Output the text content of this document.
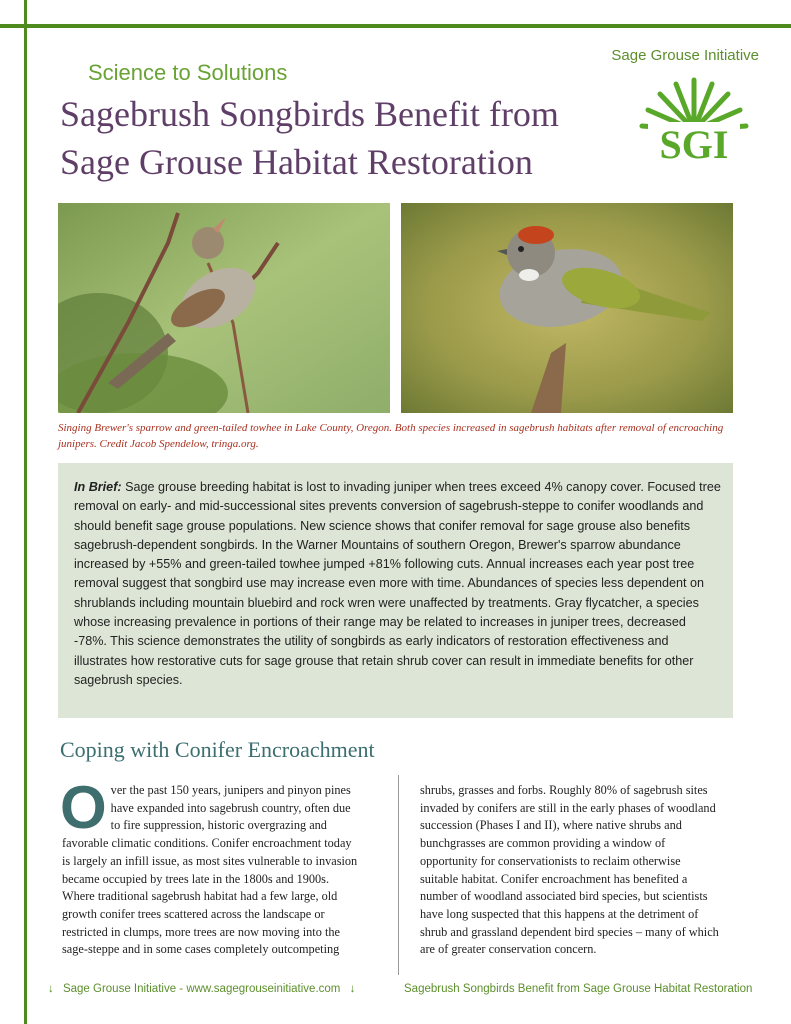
Sage Grouse Initiative
Science to Solutions
Sagebrush Songbirds Benefit from Sage Grouse Habitat Restoration	SGI
Singing Brewer's sparrow and green-tailed towhee in Lake County, Oregon. Both species increased in sagebrush habitats after removal of encroaching junipers. Credit Jacob Spendelow, tringa.org.

In Brief: Sage grouse breeding habitat is lost to invading juniper when trees exceed 4% canopy cover. Focused tree removal on early- and mid-successional sites prevents conversion of sagebrush-steppe to conifer woodlands and should benefit sage grouse populations. New science shows that conifer removal for sage grouse also benefits sagebrush-dependent songbirds. In the Warner Mountains of southern Oregon, Brewer's sparrow abundance increased by +55% and green-tailed towhee jumped +81% following cuts. Annual increases each year post tree removal suggest that songbird use may increase even more with time. Abundances of species less dependent on shrublands including mountain bluebird and rock wren were unaffected by treatments. Gray flycatcher, a species whose increasing prevalence in portions of their range may be related to increases in juniper trees, decreased -78%. This science demonstrates the utility of songbirds as early indicators of restoration effectiveness and illustrates how restorative cuts for sage grouse that retain shrub cover can result in immediate benefits for other sagebrush species.

Coping with Conifer Encroachment

Over the past 150 years, junipers and pinyon pines have expanded into sagebrush country, often due to fire suppression, historic overgrazing and favorable climatic conditions. Conifer encroachment today is largely an infill issue, as most sites vulnerable to invasion became occupied by trees late in the 1800s and 1900s. Where traditional sagebrush habitat had a few large, old growth conifer trees scattered across the landscape or restricted in clumps, more trees are now moving into the sage-steppe and in some cases completely outcompeting

shrubs, grasses and forbs. Roughly 80% of sagebrush sites invaded by conifers are still in the early phases of woodland succession (Phases I and II), where native shrubs and bunchgrasses are common providing a window of opportunity for conservationists to reclaim otherwise suitable habitat. Conifer encroachment has benefited a number of woodland associated bird species, but scientists have long suspected that this happens at the detriment of shrub and grassland dependent bird species – many of which are of greater conservation concern.

↓ Sage Grouse Initiative - www.sagegrouseinitiative.com ↓	Sagebrush Songbirds Benefit from Sage Grouse Habitat Restoration
